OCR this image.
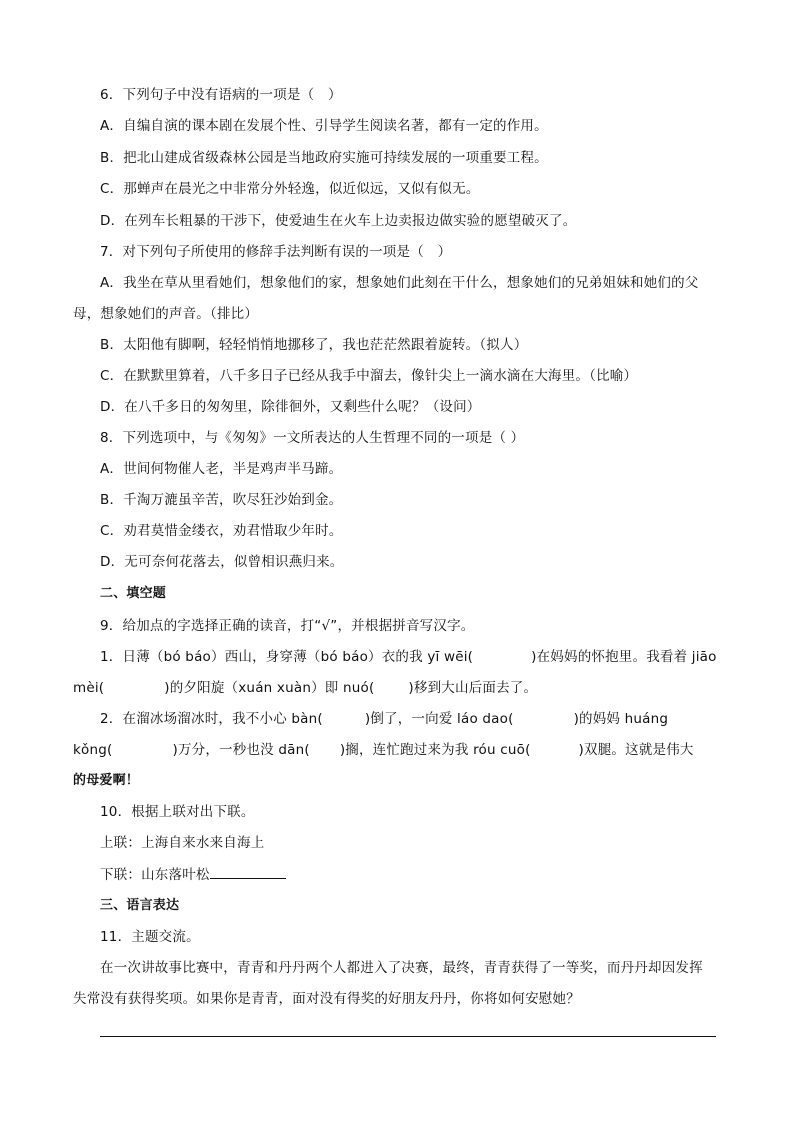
6．下列句子中没有语病的一项是（　）
A．自编自演的课本剧在发展个性、引导学生阅读名著，都有一定的作用。
B．把北山建成省级森林公园是当地政府实施可持续发展的一项重要工程。
C．那蝉声在晨光之中非常分外轻逸，似近似远，又似有似无。
D．在列车长粗暴的干涉下，使爱迪生在火车上边卖报边做实验的愿望破灭了。
7．对下列句子所使用的修辞手法判断有误的一项是（　）
A．我坐在草从里看她们，想象他们的家，想象她们此刻在干什么，想象她们的兄弟姐妹和她们的父
母，想象她们的声音。（排比）
B．太阳他有脚啊，轻轻悄悄地挪移了，我也茫茫然跟着旋转。（拟人）
C．在默默里算着，八千多日子已经从我手中溜去，像针尖上一滴水滴在大海里。（比喻）
D．在八千多日的匆匆里，除徘徊外，又剩些什么呢？（设问）
8．下列选项中，与《匆匆》一文所表达的人生哲理不同的一项是（ ）
A．世间何物催人老，半是鸡声半马蹄。
B．千淘万漉虽辛苦，吹尽狂沙始到金。
C．劝君莫惜金缕衣，劝君惜取少年时。
D．无可奈何花落去，似曾相识燕归来。
二、填空题
9．给加点的字选择正确的读音，打“√”，并根据拼音写汉字。
1．日薄（bó báo）西山，身穿薄（bó báo）衣的我 yī wēi(	)在妈妈的怀抱里。我看着 jiāo
mèi(	)的夕阳旋（xuán xuàn）即 nuó(	)移到大山后面去了。
2．在溜冰场溜冰时，我不小心 bàn(	)倒了，一向爱 láo dao(	)的妈妈 huáng
kǒng(	)万分，一秒也没 dān( )搁，连忙跑过来为我 róu cuō(	)双腿。这就是伟大
的母爱啊！
10．根据上联对出下联。
上联：上海自来水来自海上
下联：山东落叶松
三、语言表达
11．主题交流。
在一次讲故事比赛中，青青和丹丹两个人都进入了决赛，最终，青青获得了一等奖，而丹丹却因发挥
失常没有获得奖项。如果你是青青，面对没有得奖的好朋友丹丹，你将如何安慰她？
